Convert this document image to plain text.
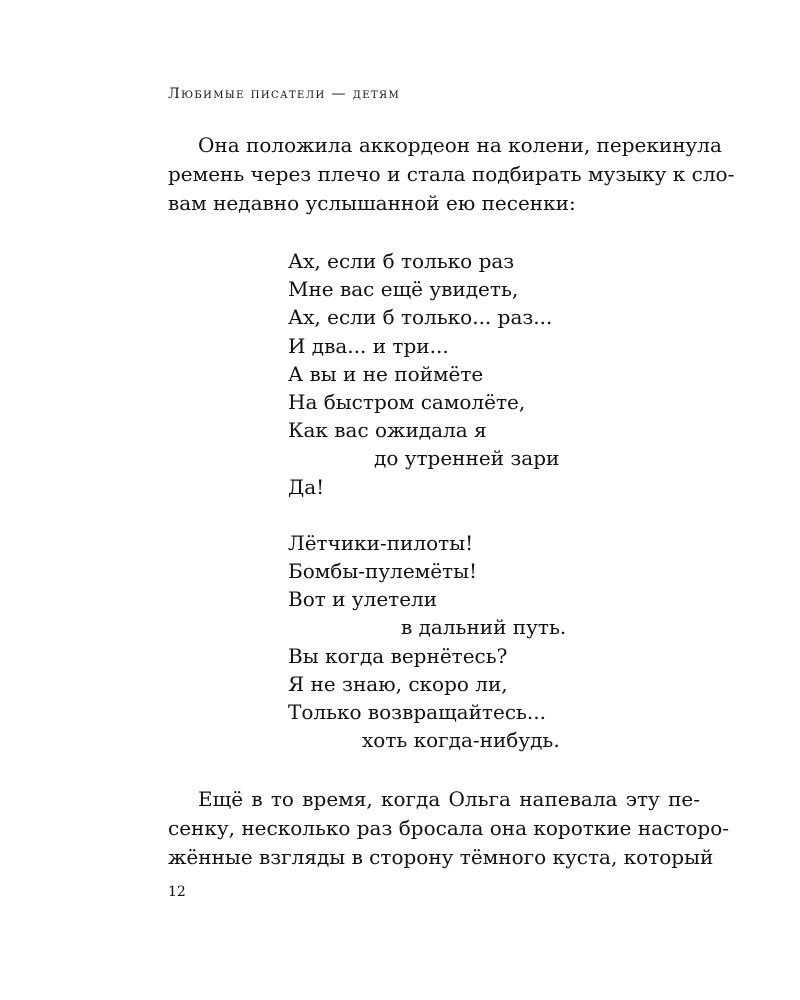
Любимые писатели — детям
Она положила аккордеон на колени, перекинула
ремень через плечо и стала подбирать музыку к сло-
вам недавно услышанной ею песенки:
Ах, если б только раз
Мне вас ещё увидеть,
Ах, если б только... раз...
И два... и три...
А вы и не поймёте
На быстром самолёте,
Как вас ожидала я
до утренней зари
Да!
Лётчики-пилоты!
Бомбы-пулемёты!
Вот и улетели
в дальний путь.
Вы когда вернётесь?
Я не знаю, скоро ли,
Только возвращайтесь...
хоть когда-нибудь.
Ещё в то время, когда Ольга напевала эту пе-
сенку, несколько раз бросала она короткие насторо-
жённые взгляды в сторону тёмного куста, который
12
